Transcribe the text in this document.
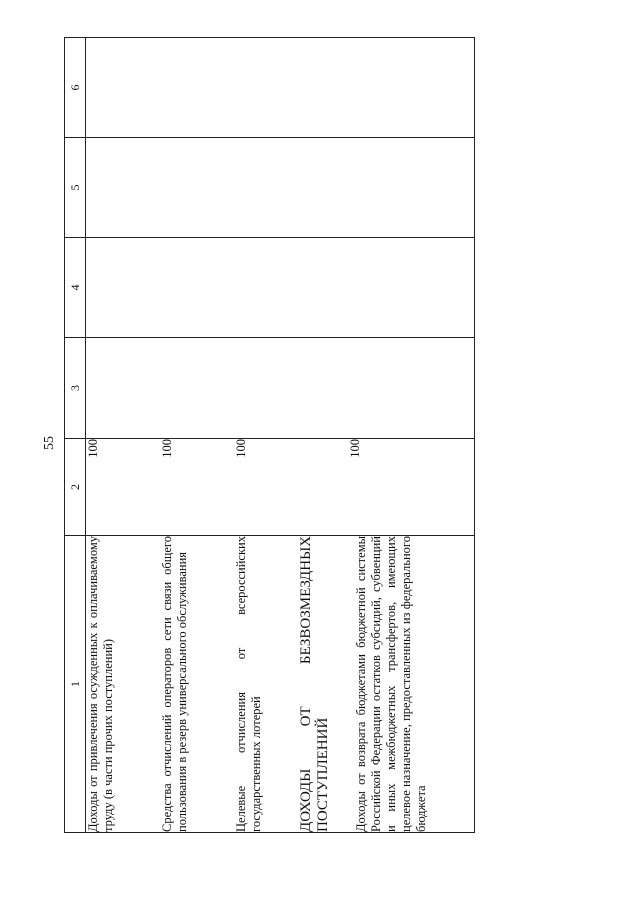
55
1	2	3	4	5	6
Доходы от привлечения осужденных к оплачиваемому труду (в части прочих поступлений)	100				
Средства отчислений операторов сети связи общего пользования в резерв универсального обслуживания	100				
Целевые отчисления от всероссийских государственных лотерей	100				
ДОХОДЫ ОТ БЕЗВОЗМЕЗДНЫХ ПОСТУПЛЕНИЙ					
Доходы от возврата бюджетами бюджетной системы Российской Федерации остатков субсидий, субвенций и иных межбюджетных трансфертов, имеющих целевое назначение, предоставленных из федерального бюджета	100				
